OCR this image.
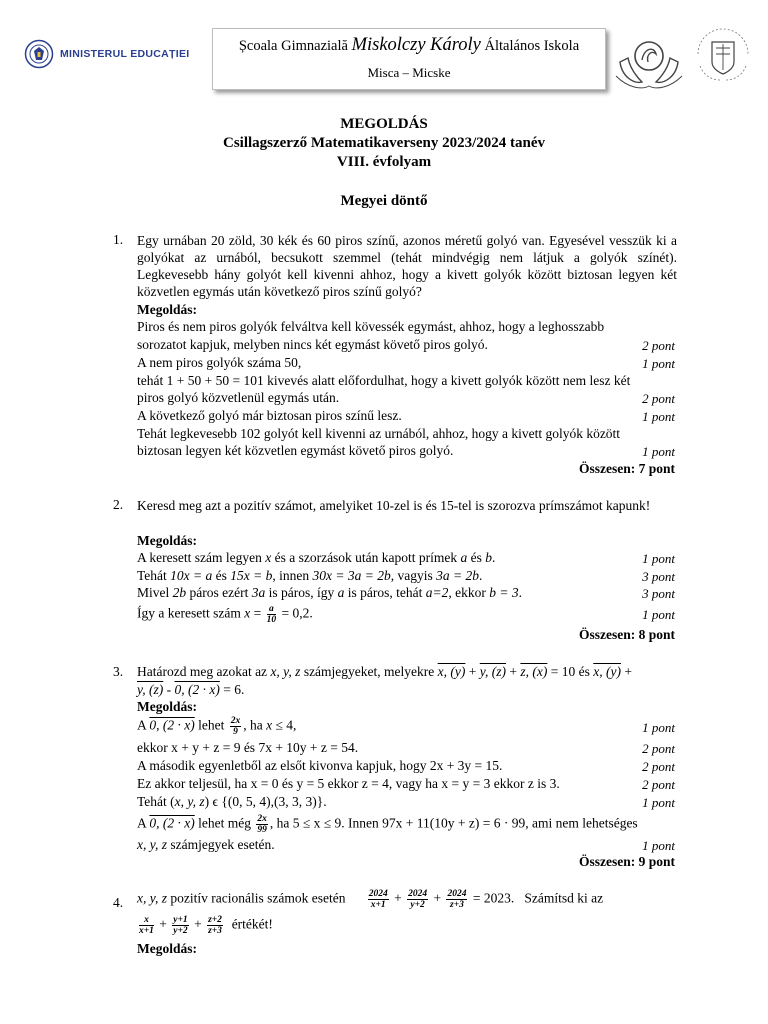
MINISTERUL EDUCAȚIEI	Școala Gimnazială Miskolczy Károly Általános Iskola
Misca – Micske
MEGOLDÁS
Csillagszerző Matematikaverseny 2023/2024 tanév
VIII. évfolyam
Megyei döntő
1. Egy urnában 20 zöld, 30 kék és 60 piros színű, azonos méretű golyó van. Egyesével vesszük ki a golyókat az urnából, becsukott szemmel (tehát mindvégig nem látjuk a golyók színét). Legkevesebb hány golyót kell kivenni ahhoz, hogy a kivett golyók között biztosan legyen két közvetlen egymás után következő piros színű golyó?
Megoldás:
Piros és nem piros golyók felváltva kell kövessék egymást, ahhoz, hogy a leghosszabb
sorozatot kapjuk, melyben nincs két egymást követő piros golyó.	2 pont
A nem piros golyók száma 50,	1 pont
tehát 1 + 50 + 50 = 101 kivevés alatt előfordulhat, hogy a kivett golyók között nem lesz két
piros golyó közvetlenül egymás után.	2 pont
A következő golyó már biztosan piros színű lesz.	1 pont
Tehát legkevesebb 102 golyót kell kivenni az urnából, ahhoz, hogy a kivett golyók között
biztosan legyen két közvetlen egymást követő piros golyó.	1 pont
Összesen: 7 pont
2. Keresd meg azt a pozitív számot, amelyiket 10-zel is és 15-tel is szorozva prímszámot kapunk!
Megoldás:
A keresett szám legyen x és a szorzások után kapott prímek a és b.	1 pont
Tehát 10x = a és 15x = b, innen 30x = 3a = 2b, vagyis 3a = 2b.	3 pont
Mivel 2b páros ezért 3a is páros, így a is páros, tehát a=2, ekkor b = 3.	3 pont
Így a keresett szám $x = \frac{a}{10} = 0,2$.	1 pont
Összesen: 8 pont
3. Határozd meg azokat az x, y, z számjegyeket, melyekre x, (y) + y, (z) + z, (x) = 10 és x, (y) +
y, (z) - 0, (2 · x) = 6.
Megoldás:
A 0, (2 · x) lehet $\frac{2x}{9}$ , ha x ≤ 4,	1 pont
ekkor x + y + z = 9 és 7x + 10y + z = 54.	2 pont
A második egyenletből az elsőt kivonva kapjuk, hogy 2x + 3y = 15.	2 pont
Ez akkor teljesül, ha x = 0 és y = 5 ekkor z = 4, vagy ha x = y = 3 ekkor z is 3.	2 pont
Tehát (x, y, z) ϵ {(0, 5, 4),(3, 3, 3)}.	1 pont
A 0, (2 · x) lehet még $\frac{2x}{99}$ , ha 5 ≤ x ≤ 9. Innen 97x + 11(10y + z) = 6 · 99, ami nem lehetséges
x, y, z számjegyek esetén.	1 pont
Összesen: 9 pont
4. x, y, z pozitív racionális számok esetén $\frac{2024}{x+1} + \frac{2024}{y+2} + \frac{2024}{z+3} = 2023$. Számítsd ki az
$\frac{x}{x+1} + \frac{y+1}{y+2} + \frac{z+2}{z+3}$ értékét!
Megoldás:
